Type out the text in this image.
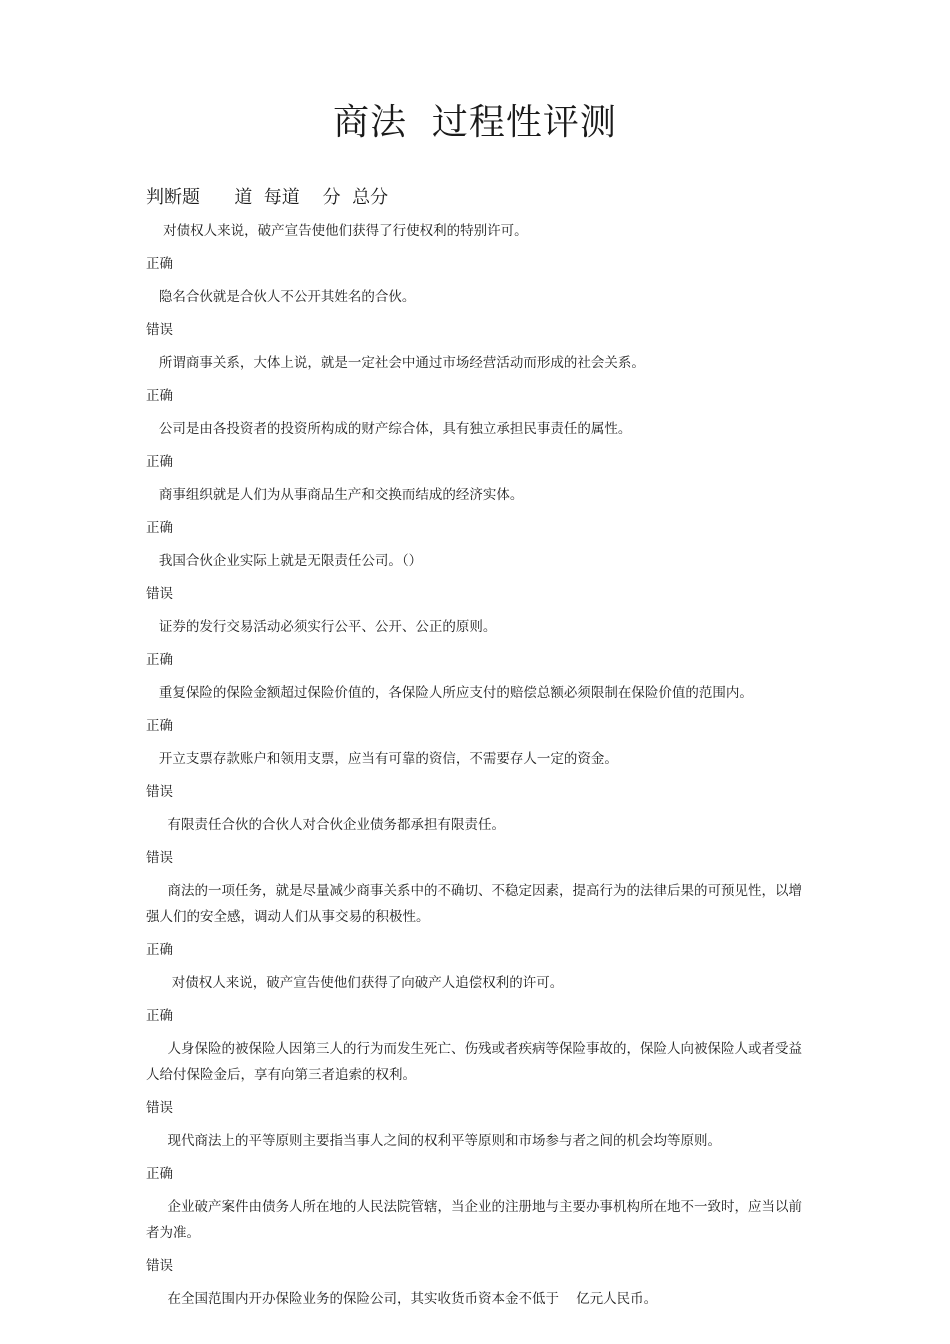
商法  过程性评测
判断题      道  每道    分  总分

对债权人来说，破产宣告使他们获得了行使权利的特别许可。

正确

隐名合伙就是合伙人不公开其姓名的合伙。

错误

所谓商事关系，大体上说，就是一定社会中通过市场经营活动而形成的社会关系。

正确

公司是由各投资者的投资所构成的财产综合体，具有独立承担民事责任的属性。

正确

商事组织就是人们为从事商品生产和交换而结成的经济实体。

正确

我国合伙企业实际上就是无限责任公司。（）

错误

证券的发行交易活动必须实行公平、公开、公正的原则。

正确

重复保险的保险金额超过保险价值的，各保险人所应支付的赔偿总额必须限制在保险价值的范围内。

正确

开立支票存款账户和领用支票，应当有可靠的资信，不需要存人一定的资金。

错误

有限责任合伙的合伙人对合伙企业债务都承担有限责任。

错误

商法的一项任务，就是尽量减少商事关系中的不确切、不稳定因素，提高行为的法律后果的可预见性，以增强人们的安全感，调动人们从事交易的积极性。

正确

对债权人来说，破产宣告使他们获得了向破产人追偿权利的许可。

正确

人身保险的被保险人因第三人的行为而发生死亡、伤残或者疾病等保险事故的，保险人向被保险人或者受益人给付保险金后，享有向第三者追索的权利。

错误

现代商法上的平等原则主要指当事人之间的权利平等原则和市场参与者之间的机会均等原则。

正确

企业破产案件由债务人所在地的人民法院管辖，当企业的注册地与主要办事机构所在地不一致时，应当以前者为准。

错误

在全国范围内开办保险业务的保险公司，其实收货币资本金不低于    亿元人民币。
